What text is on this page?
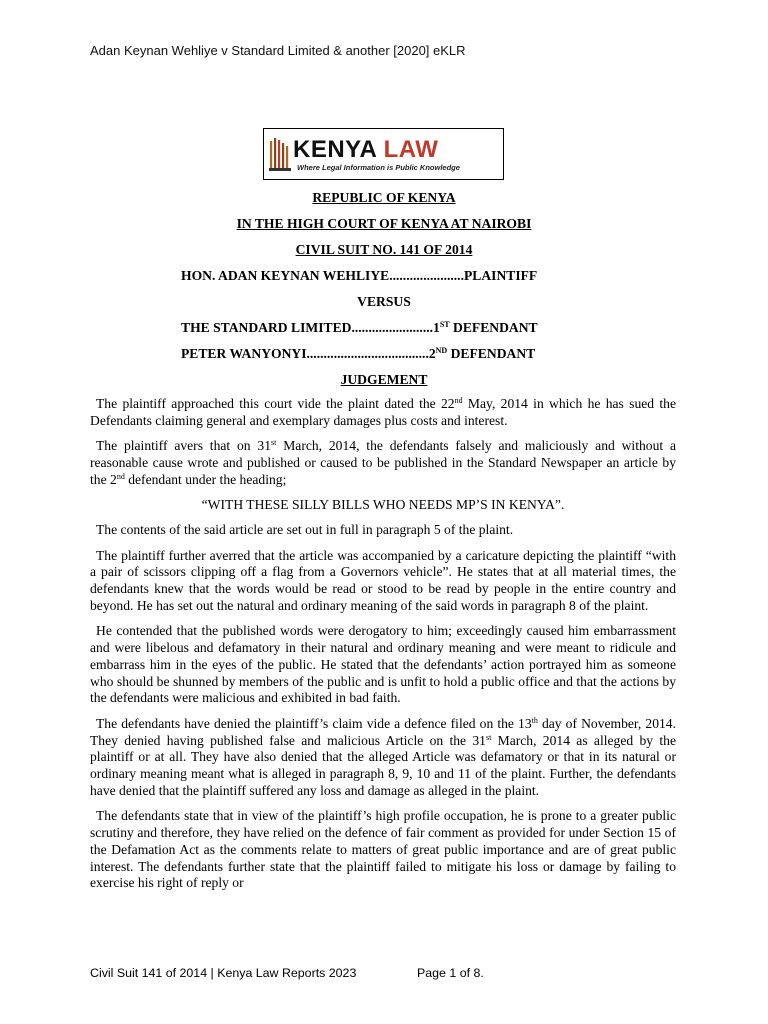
Adan Keynan Wehliye v Standard Limited & another [2020] eKLR
KENYA LAW
Where Legal Information is Public Knowledge
REPUBLIC OF KENYA
IN THE HIGH COURT OF KENYA AT NAIROBI
CIVIL SUIT NO. 141 OF 2014
HON. ADAN KEYNAN WEHLIYE......................PLAINTIFF
VERSUS
THE STANDARD LIMITED........................1ST DEFENDANT
PETER WANYONYI....................................2ND DEFENDANT
JUDGEMENT

The plaintiff approached this court vide the plaint dated the 22nd May, 2014 in which he has sued the Defendants claiming general and exemplary damages plus costs and interest.

The plaintiff avers that on 31st March, 2014, the defendants falsely and maliciously and without a reasonable cause wrote and published or caused to be published in the Standard Newspaper an article by the 2nd defendant under the heading;

“WITH THESE SILLY BILLS WHO NEEDS MP’S IN KENYA”.

The contents of the said article are set out in full in paragraph 5 of the plaint.

The plaintiff further averred that the article was accompanied by a caricature depicting the plaintiff “with a pair of scissors clipping off a flag from a Governors vehicle”. He states that at all material times, the defendants knew that the words would be read or stood to be read by people in the entire country and beyond. He has set out the natural and ordinary meaning of the said words in paragraph 8 of the plaint.

He contended that the published words were derogatory to him; exceedingly caused him embarrassment and were libelous and defamatory in their natural and ordinary meaning and were meant to ridicule and embarrass him in the eyes of the public. He stated that the defendants’ action portrayed him as someone who should be shunned by members of the public and is unfit to hold a public office and that the actions by the defendants were malicious and exhibited in bad faith.

The defendants have denied the plaintiff’s claim vide a defence filed on the 13th day of November, 2014. They denied having published false and malicious Article on the 31st March, 2014 as alleged by the plaintiff or at all. They have also denied that the alleged Article was defamatory or that in its natural or ordinary meaning meant what is alleged in paragraph 8, 9, 10 and 11 of the plaint. Further, the defendants have denied that the plaintiff suffered any loss and damage as alleged in the plaint.

The defendants state that in view of the plaintiff’s high profile occupation, he is prone to a greater public scrutiny and therefore, they have relied on the defence of fair comment as provided for under Section 15 of the Defamation Act as the comments relate to matters of great public importance and are of great public interest. The defendants further state that the plaintiff failed to mitigate his loss or damage by failing to exercise his right of reply or

Civil Suit 141 of 2014 | Kenya Law Reports 2023	Page 1 of 8.
